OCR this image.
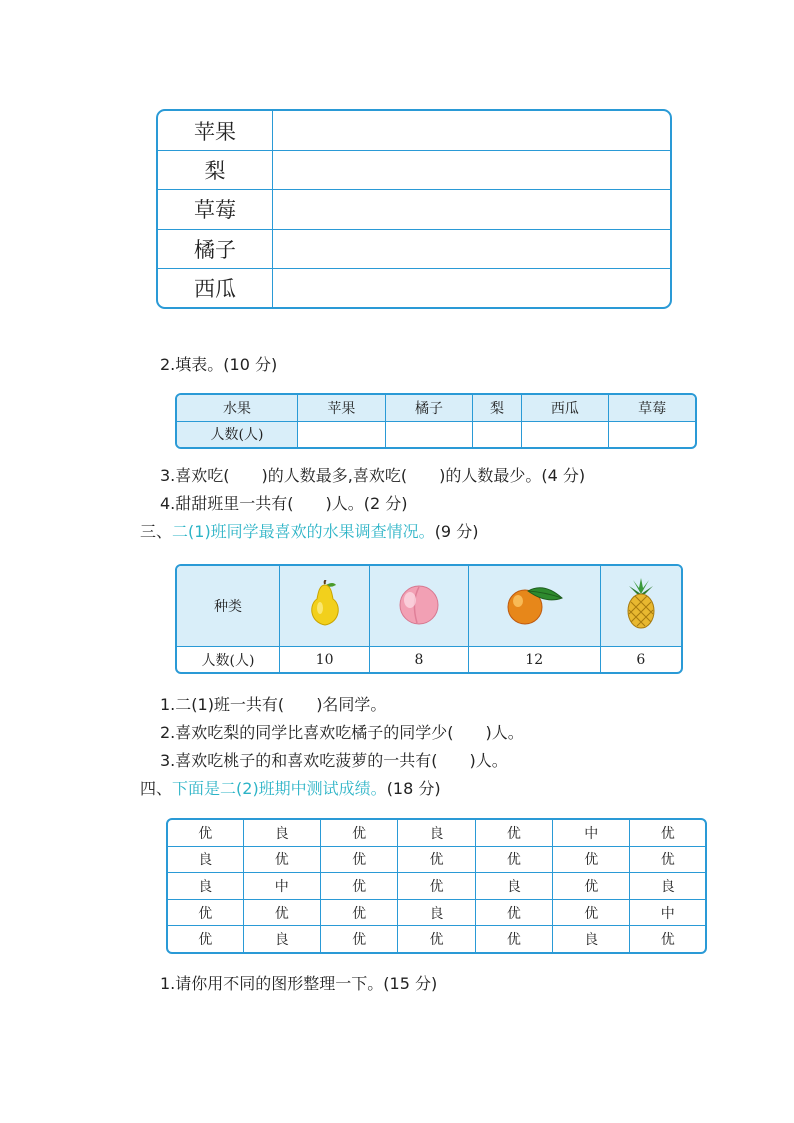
苹果
梨
草莓
橘子
西瓜
2.填表。(10 分)
水果	苹果	橘子	梨	西瓜	草莓
人数(人)					
3.喜欢吃( )的人数最多,喜欢吃( )的人数最少。(4 分)
4.甜甜班里一共有( )人。(2 分)
三、二(1)班同学最喜欢的水果调查情况。(9 分)
种类				
人数(人)	10	8	12	6
1.二(1)班一共有( )名同学。
2.喜欢吃梨的同学比喜欢吃橘子的同学少( )人。
3.喜欢吃桃子的和喜欢吃菠萝的一共有( )人。
四、下面是二(2)班期中测试成绩。(18 分)
优	良	优	良	优	中	优
良	优	优	优	优	优	优
良	中	优	优	良	优	良
优	优	优	良	优	优	中
优	良	优	优	优	良	优
1.请你用不同的图形整理一下。(15 分)
